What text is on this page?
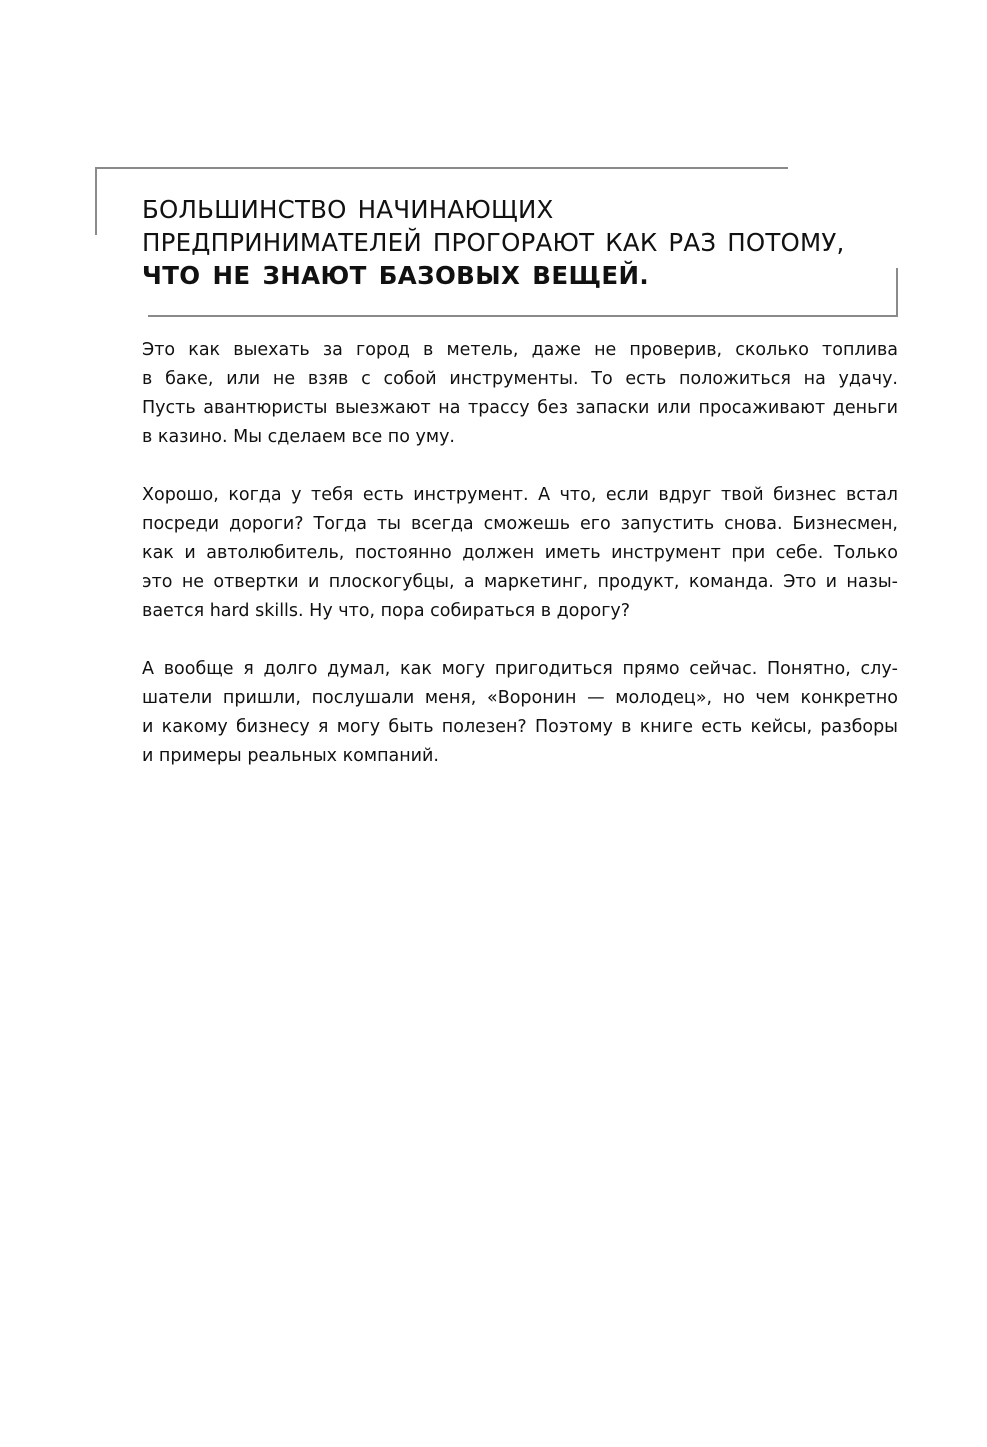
БОЛЬШИНСТВО НАЧИНАЮЩИХ
ПРЕДПРИНИМАТЕЛЕЙ ПРОГОРАЮТ КАК РАЗ ПОТОМУ,
ЧТО НЕ ЗНАЮТ БАЗОВЫХ ВЕЩЕЙ.

Это как выехать за город в метель, даже не проверив, сколько топлива
в баке, или не взяв с собой инструменты. То есть положиться на удачу.
Пусть авантюристы выезжают на трассу без запаски или просаживают деньги
в казино. Мы сделаем все по уму.

Хорошо, когда у тебя есть инструмент. А что, если вдруг твой бизнес встал
посреди дороги? Тогда ты всегда сможешь его запустить снова. Бизнесмен,
как и автолюбитель, постоянно должен иметь инструмент при себе. Только
это не отвертки и плоскогубцы, а маркетинг, продукт, команда. Это и назы-
вается hard skills. Ну что, пора собираться в дорогу?

А вообще я долго думал, как могу пригодиться прямо сейчас. Понятно, слу-
шатели пришли, послушали меня, «Воронин — молодец», но чем конкретно
и какому бизнесу я могу быть полезен? Поэтому в книге есть кейсы, разборы
и примеры реальных компаний.
